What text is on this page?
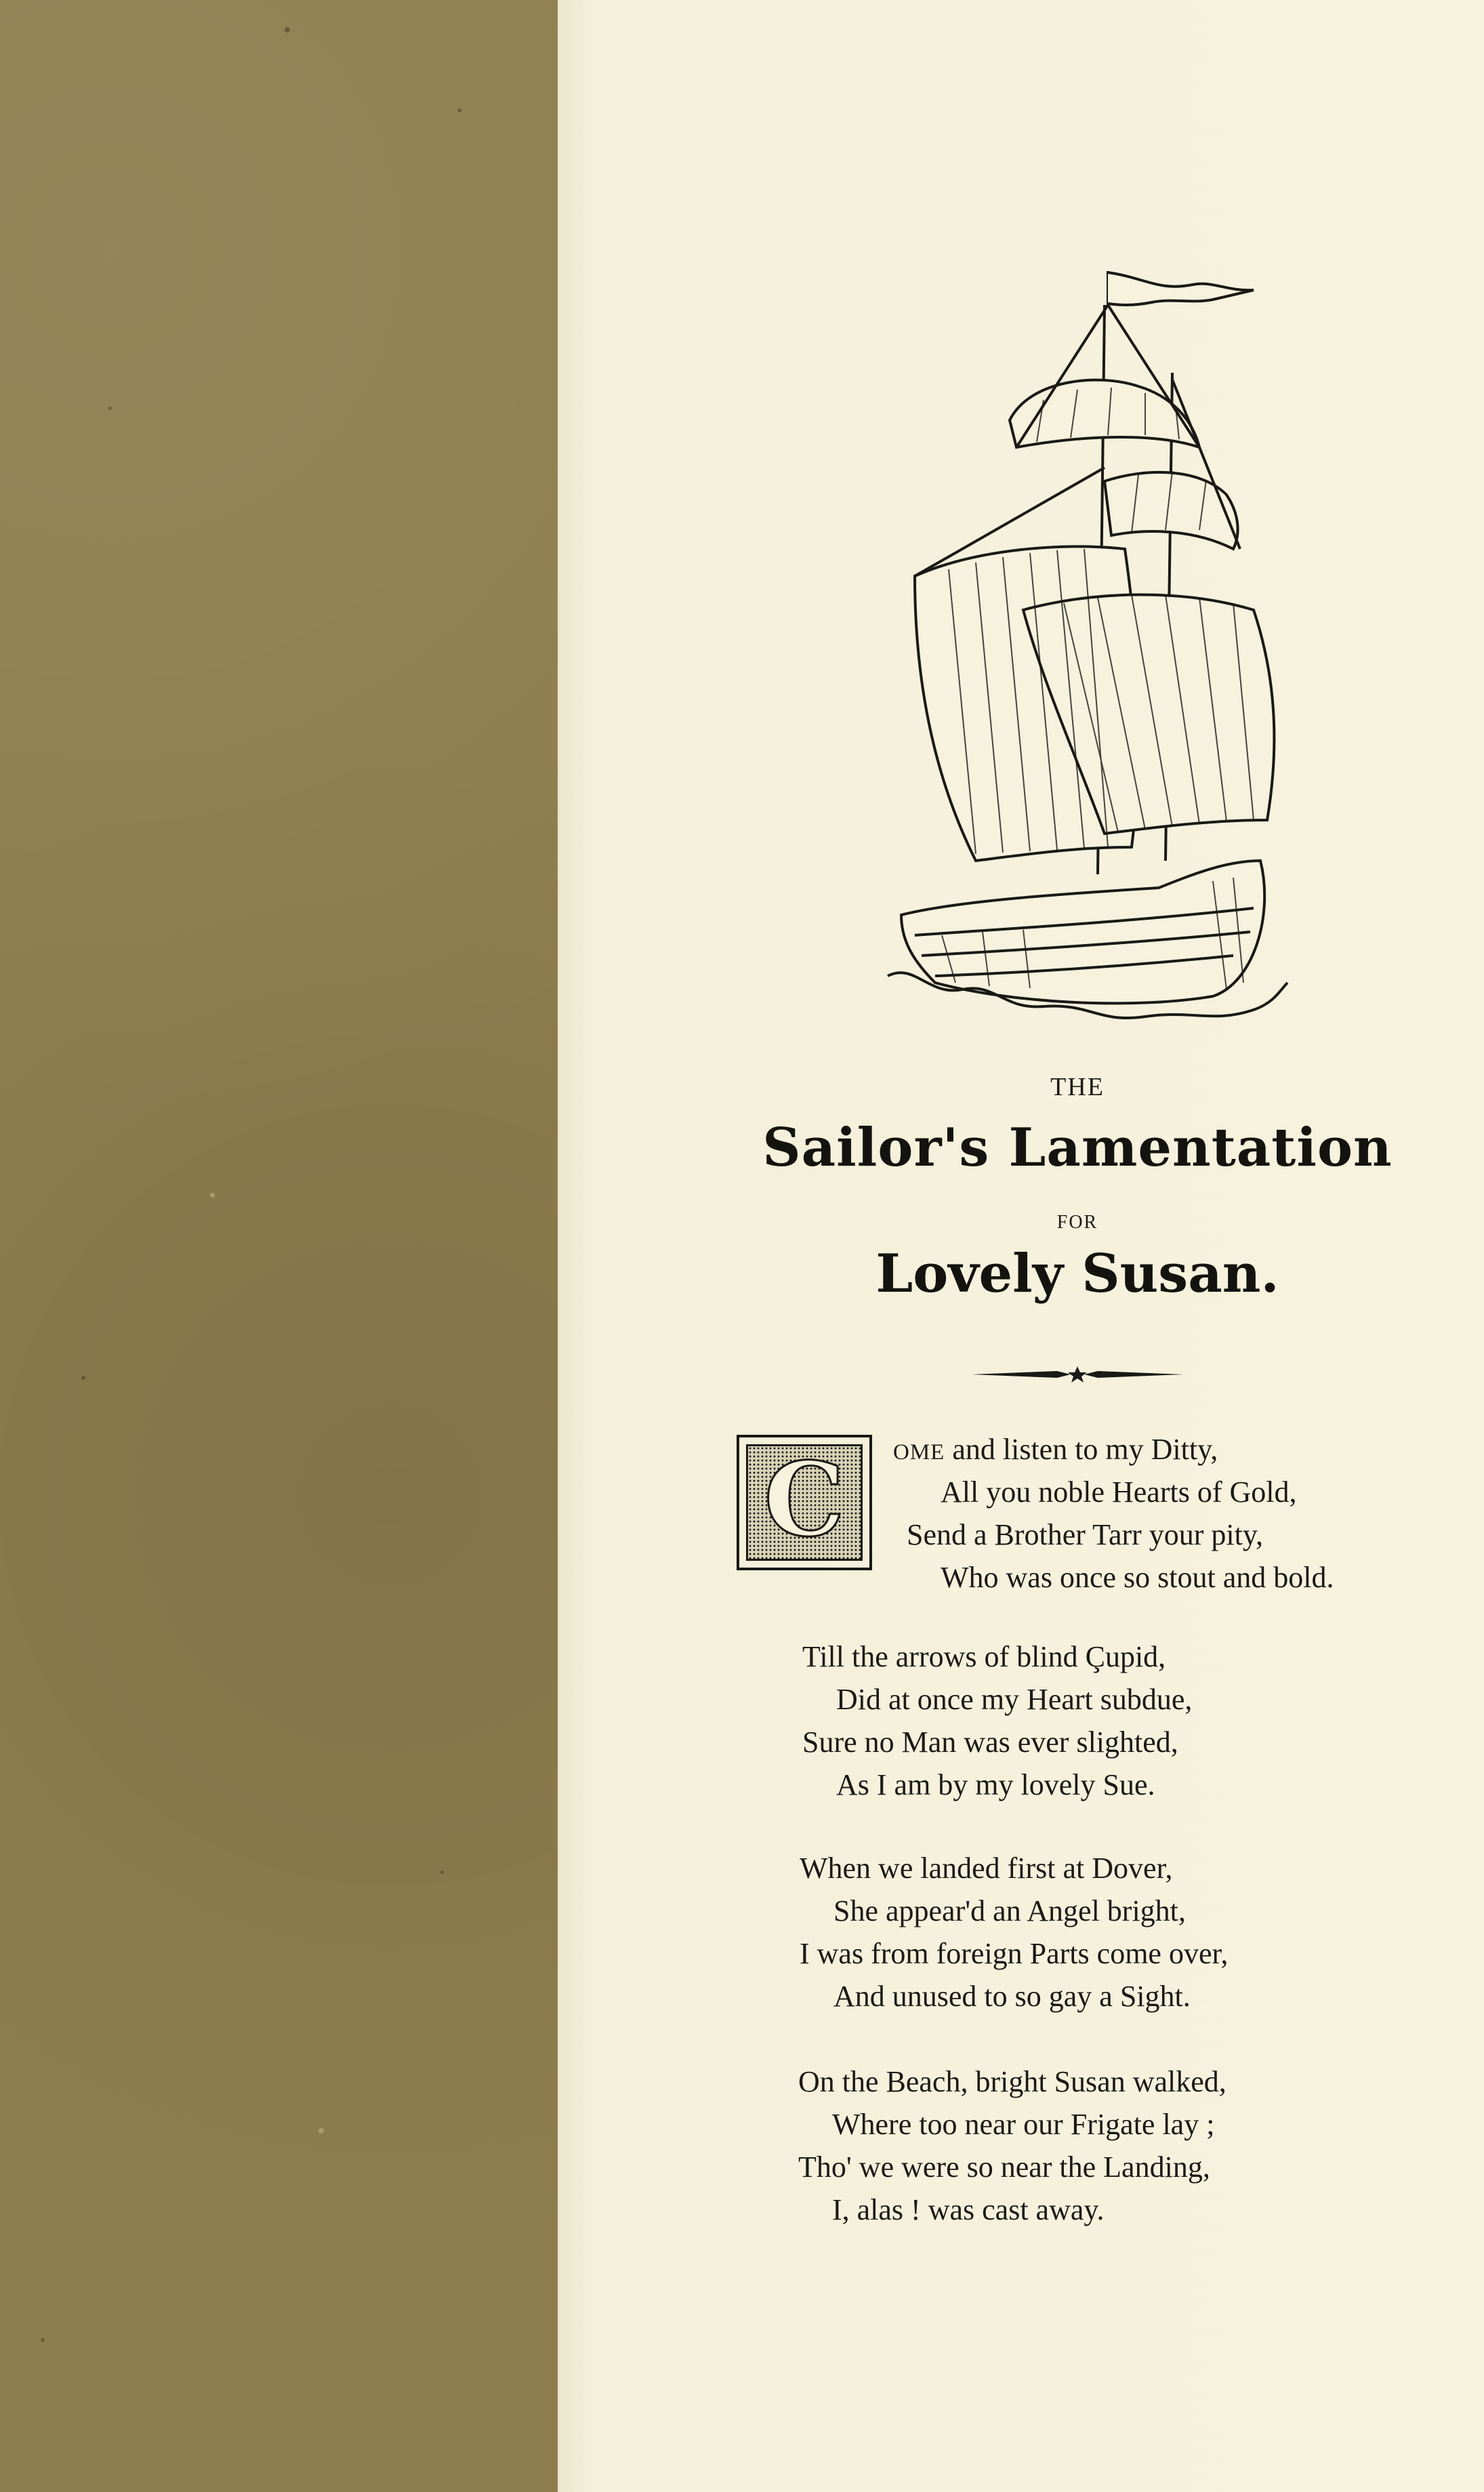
THE
Sailor's Lamentation
FOR
Lovely Susan.
C OME and listen to my Ditty,
All you noble Hearts of Gold,
Send a Brother Tarr your pity,
Who was once so stout and bold.
Till the arrows of blind Çupid,
Did at once my Heart subdue,
Sure no Man was ever slighted,
As I am by my lovely Sue.
When we landed first at Dover,
She appear'd an Angel bright,
I was from foreign Parts come over,
And unused to so gay a Sight.
On the Beach, bright Susan walked,
Where too near our Frigate lay ;
Tho' we were so near the Landing,
I, alas ! was cast away.
